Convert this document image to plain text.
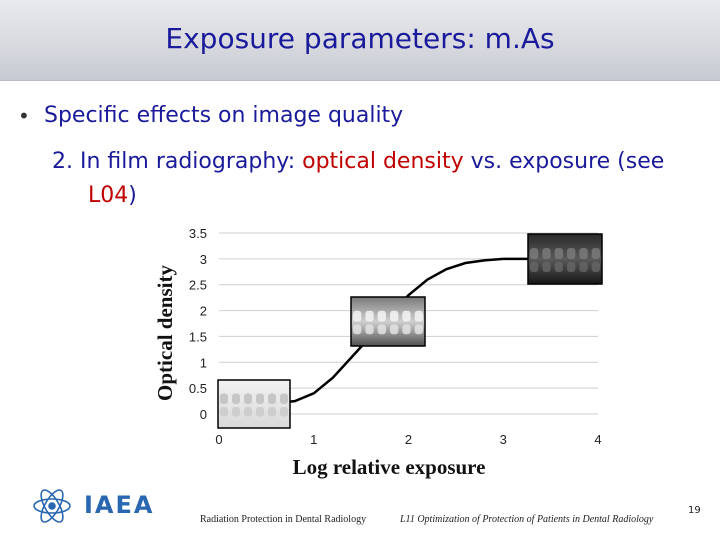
Exposure parameters: m.As
• Specific effects on image quality
2. In film radiography: optical density vs. exposure (see
L04)
0
0.5
1
1.5
2
2.5
3
3.5
0	1	2	3	4
Log relative exposure
Optical density
IAEA
Radiation Protection in Dental Radiology	L11 Optimization of Protection of Patients in Dental Radiology
19
